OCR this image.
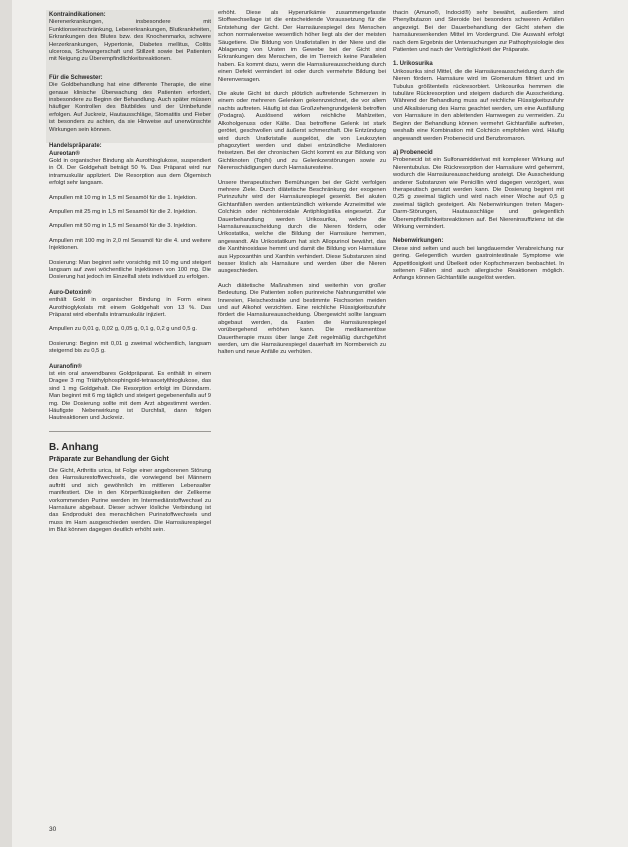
Kontraindikationen:

Nierenerkrankungen, insbesondere mit Funktionseinschränkung, Lebererkrankungen, Blutkrankheiten, Erkrankungen des Blutes bzw. des Knochenmarks, schwere Herzerkrankungen, Hypertonie, Diabetes mellitus, Colitis ulcerosa, Schwangerschaft und Stillzeit sowie bei Patienten mit Neigung zu Überempfindlichkeitsreaktionen.

Für die Schwester:

Die Goldbehandlung hat eine differente Therapie, die eine genaue klinische Überwachung des Patienten erfordert, insbesondere zu Beginn der Behandlung. Auch später müssen häufiger Kontrollen des Blutbildes und der Urinbefunde erfolgen. Auf Juckreiz, Hautausschläge, Stomatitis und Fieber ist besonders zu achten, da sie Hinweise auf unerwünschte Wirkungen sein können.

Handelspräparate:
Aureotan®

Gold in organischer Bindung als Aurothioglukose, suspendiert in Öl. Der Goldgehalt beträgt 50 %. Das Präparat wird nur intramuskulär appliziert. Die Resorption aus dem Ölgemisch erfolgt sehr langsam.

Ampullen mit 10 mg in 1,5 ml Sesamöl für die 1. Injektion.

Ampullen mit 25 mg in 1,5 ml Sesamöl für die 2. Injektion.

Ampullen mit 50 mg in 1,5 ml Sesamöl für die 3. Injektion.

Ampullen mit 100 mg in 2,0 ml Sesamöl für die 4. und weitere Injektionen.

Dosierung: Man beginnt sehr vorsichtig mit 10 mg und steigert langsam auf zwei wöchentliche Injektionen von 100 mg. Die Dosierung hat jedoch im Einzelfall stets individuell zu erfolgen.

Auro-Detoxin®

enthält Gold in organischer Bindung in Form eines Aurothioglykolats mit einem Goldgehalt von 13 %. Das Präparat wird ebenfalls intramuskulär injiziert.

Ampullen zu 0,01 g, 0,02 g, 0,05 g, 0,1 g, 0,2 g und 0,5 g.

Dosierung: Beginn mit 0,01 g zweimal wöchentlich, langsam steigernd bis zu 0,5 g.

Auranofin®

ist ein oral anwendbares Goldpräparat. Es enthält in einem Dragee 3 mg Triäthylphosphingold-tetraacetylthioglukose, das sind 1 mg Goldgehalt. Die Resorption erfolgt im Dünndarm. Man beginnt mit 6 mg täglich und steigert gegebenenfalls auf 9 mg. Die Dosierung sollte mit dem Arzt abgestimmt werden. Häufigste Nebenwirkung ist Durchfall, dann folgen Hautreaktionen und Juckreiz.

B. Anhang
Präparate zur Behandlung der Gicht

Die Gicht, Arthritis urica, ist Folge einer angeborenen Störung des Harnsäurestoffwechsels, die vorwiegend bei Männern auftritt und sich gewöhnlich im mittleren Lebensalter manifestiert. Die in den Körperflüssigkeiten der Zellkerne vorkommenden Purine werden im Intermediärstoffwechsel zu Harnsäure abgebaut. Dieser schwer lösliche Verbindung ist das Endprodukt des menschlichen Purinstoffwechsels und muss im Harn ausgeschieden werden. Die Harnsäurespiegel im Blut können dagegen deutlich erhöht sein.

erhöht. Diese als Hyperurikämie zusammengefasste Stoffwechsellage ist die entscheidende Voraussetzung für die Entstehung der Gicht. Der Harnsäurespiegel des Menschen schon normalerweise wesentlich höher liegt als der der meisten Säugetiere. Die Bildung von Uratkristallen in der Niere und die Ablagerung von Uraten im Gewebe bei der Gicht sind Erkrankungen des Menschen, die im Tierreich keine Parallelen haben. Es kommt dazu, wenn die Harnsäureausscheidung durch einen Defekt vermindert ist oder durch vermehrte Bildung bei Nierenversagen.

Die akute Gicht ist durch plötzlich auftretende Schmerzen in einem oder mehreren Gelenken gekennzeichnet, die vor allem nachts auftreten. Häufig ist das Großzehengrundgelenk betroffen (Podagra). Auslösend wirken reichliche Mahlzeiten, Alkoholgenuss oder Kälte. Das betroffene Gelenk ist stark gerötet, geschwollen und äußerst schmerzhaft. Die Entzündung wird durch Uratkristalle ausgelöst, die von Leukozyten phagozytiert werden und dabei entzündliche Mediatoren freisetzen. Bei der chronischen Gicht kommt es zur Bildung von Gichtknoten (Tophi) und zu Gelenkzerstörungen sowie zu Nierenschädigungen durch Harnsäuresteine.

Unsere therapeutischen Bemühungen bei der Gicht verfolgen mehrere Ziele. Durch diätetische Beschränkung der exogenen Purinzufuhr wird der Harnsäurespiegel gesenkt. Bei akuten Gichtanfällen werden antientzündlich wirkende Arzneimittel wie Colchicin oder nichtsteroidale Antiphlogistika eingesetzt. Zur Dauerbehandlung werden Urikosurika, welche die Harnsäureausscheidung durch die Nieren fördern, oder Urikostatika, welche die Bildung der Harnsäure hemmen, angewandt. Als Urikostatikum hat sich Allopurinol bewährt, das die Xanthinoxidase hemmt und damit die Bildung von Harnsäure aus Hypoxanthin und Xanthin verhindert. Diese Substanzen sind besser löslich als Harnsäure und werden über die Nieren ausgeschieden.

Auch diätetische Maßnahmen sind weiterhin von großer Bedeutung. Die Patienten sollen purinreiche Nahrungsmittel wie Innereien, Fleischextrakte und bestimmte Fischsorten meiden und auf Alkohol verzichten. Eine reichliche Flüssigkeitszufuhr fördert die Harnsäureausscheidung. Übergewicht sollte langsam abgebaut werden, da Fasten die Harnsäurespiegel vorübergehend erhöhen kann. Die medikamentöse Dauertherapie muss über lange Zeit regelmäßig durchgeführt werden, um die Harnsäurespiegel dauerhaft im Normbereich zu halten und neue Anfälle zu verhüten.

thacin (Amuno®, Indocid®) sehr bewährt, außerdem sind Phenylbutazon und Steroide bei besonders schweren Anfällen angezeigt. Bei der Dauerbehandlung der Gicht stehen die harnsäuresenkenden Mittel im Vordergrund. Die Auswahl erfolgt nach dem Ergebnis der Untersuchungen zur Pathophysiologie des Patienten und nach der Verträglichkeit der Präparate.

1. Urikosurika

Urikosurika sind Mittel, die die Harnsäureausscheidung durch die Nieren fördern. Harnsäure wird im Glomerulum filtriert und im Tubulus größtenteils rückresorbiert. Urikosurika hemmen die tubuläre Rückresorption und steigern dadurch die Ausscheidung. Während der Behandlung muss auf reichliche Flüssigkeitszufuhr und Alkalisierung des Harns geachtet werden, um eine Ausfällung von Harnsäure in den ableitenden Harnwegen zu vermeiden. Zu Beginn der Behandlung können vermehrt Gichtanfälle auftreten, weshalb eine Kombination mit Colchicin empfohlen wird. Häufig angewandt werden Probenecid und Benzbromaron.

a) Probenecid

Probenecid ist ein Sulfonamidderivat mit komplexer Wirkung auf Nierentubulus. Die Rückresorption der Harnsäure wird gehemmt, wodurch die Harnsäureausscheidung ansteigt. Die Ausscheidung anderer Substanzen wie Penicillin wird dagegen verzögert, was therapeutisch genutzt werden kann. Die Dosierung beginnt mit 0,25 g zweimal täglich und wird nach einer Woche auf 0,5 g zweimal täglich gesteigert. Als Nebenwirkungen treten Magen-Darm-Störungen, Hautausschläge und gelegentlich Überempfindlichkeitsreaktionen auf. Bei Niereninsuffizienz ist die Wirkung vermindert.

Nebenwirkungen:

Diese sind selten und auch bei langdauernder Verabreichung nur gering. Gelegentlich wurden gastrointestinale Symptome wie Appetitlosigkeit und Übelkeit oder Kopfschmerzen beobachtet. In seltenen Fällen sind auch allergische Reaktionen möglich. Anfangs können Gichtanfälle ausgelöst werden.

30
